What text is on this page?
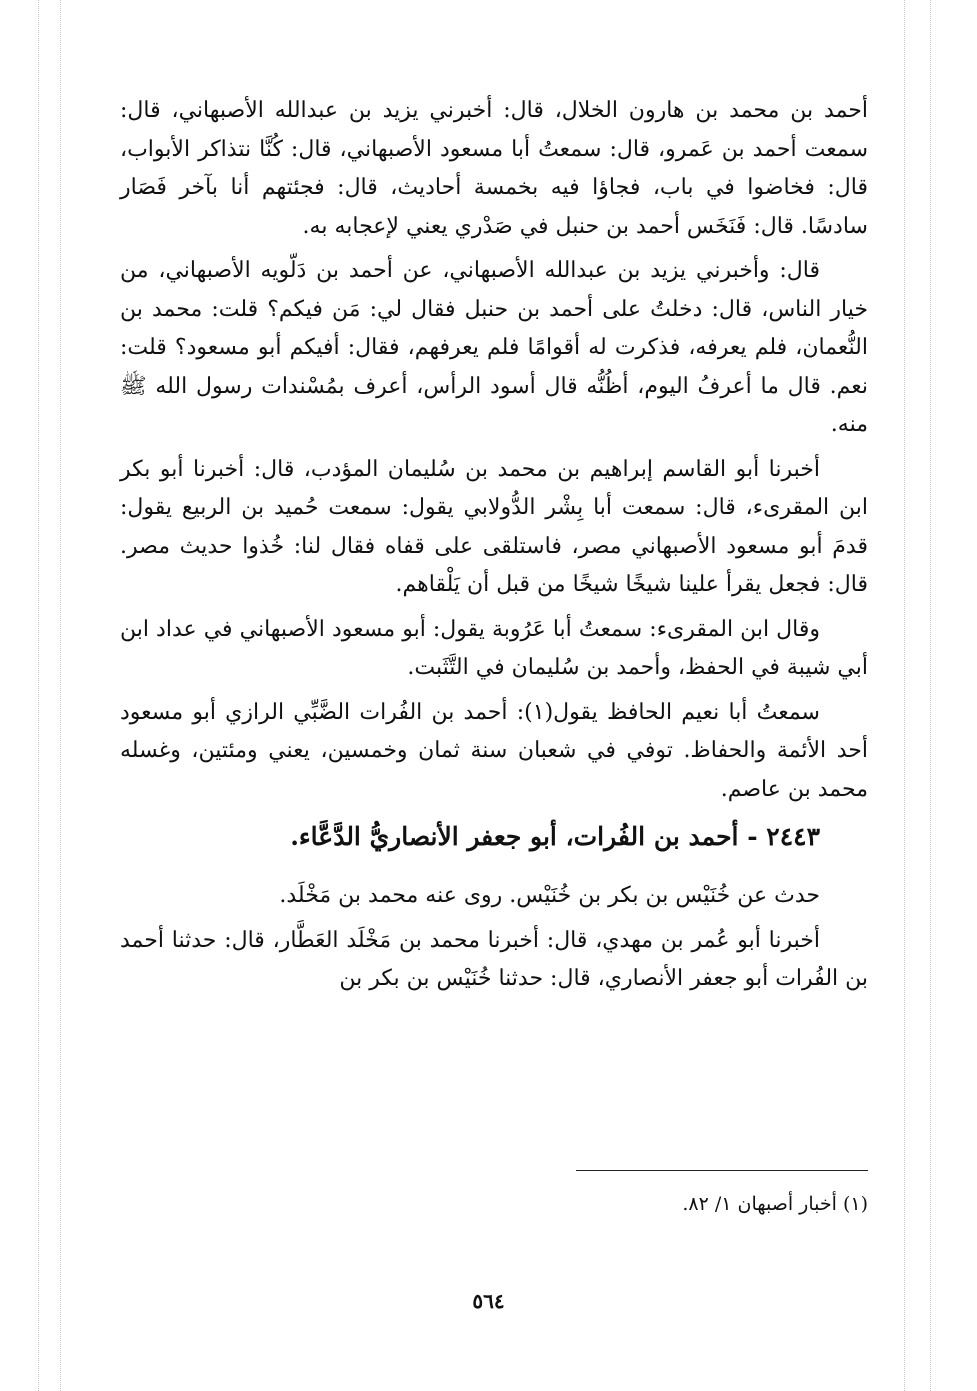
أحمد بن محمد بن هارون الخلال، قال: أخبرني يزيد بن عبدالله الأصبهاني، قال: سمعت أحمد بن عَمرو، قال: سمعتُ أبا مسعود الأصبهاني، قال: كُنَّا نتذاكر الأبواب، قال: فخاضوا في باب، فجاؤا فيه بخمسة أحاديث، قال: فجئتهم أنا بآخر فَصَار سادسًا. قال: فَنَخَس أحمد بن حنبل في صَدْري يعني لإعجابه به.

قال: وأخبرني يزيد بن عبدالله الأصبهاني، عن أحمد بن دَلّويه الأصبهاني، من خيار الناس، قال: دخلتُ على أحمد بن حنبل فقال لي: مَن فيكم؟ قلت: محمد بن النُّعمان، فلم يعرفه، فذكرت له أقوامًا فلم يعرفهم، فقال: أفيكم أبو مسعود؟ قلت: نعم. قال ما أعرفُ اليوم، أظُنُّه قال أسود الرأس، أعرف بمُسْندات رسول الله ﷺ منه.

أخبرنا أبو القاسم إبراهيم بن محمد بن سُليمان المؤدب، قال: أخبرنا أبو بكر ابن المقرىء، قال: سمعت أبا بِشْر الدُّولابي يقول: سمعت حُميد بن الربيع يقول: قدمَ أبو مسعود الأصبهاني مصر، فاستلقى على قفاه فقال لنا: خُذوا حديث مصر. قال: فجعل يقرأ علينا شيخًا شيخًا من قبل أن يَلْقاهم.

وقال ابن المقرىء: سمعتُ أبا عَرُوبة يقول: أبو مسعود الأصبهاني في عداد ابن أبي شيبة في الحفظ، وأحمد بن سُليمان في التَّثَبت.

سمعتُ أبا نعيم الحافظ يقول(١): أحمد بن الفُرات الضَّبِّي الرازي أبو مسعود أحد الأئمة والحفاظ. توفي في شعبان سنة ثمان وخمسين، يعني ومئتين، وغسله محمد بن عاصم.

٢٤٤٣ - أحمد بن الفُرات، أبو جعفر الأنصاريُّ الدَّعَّاء.

حدث عن خُنَيْس بن بكر بن خُنَيْس. روى عنه محمد بن مَخْلَد.

أخبرنا أبو عُمر بن مهدي، قال: أخبرنا محمد بن مَخْلَد العَطَّار، قال: حدثنا أحمد بن الفُرات أبو جعفر الأنصاري، قال: حدثنا خُنَيْس بن بكر بن

(١) أخبار أصبهان ١/ ٨٢.
٥٦٤
